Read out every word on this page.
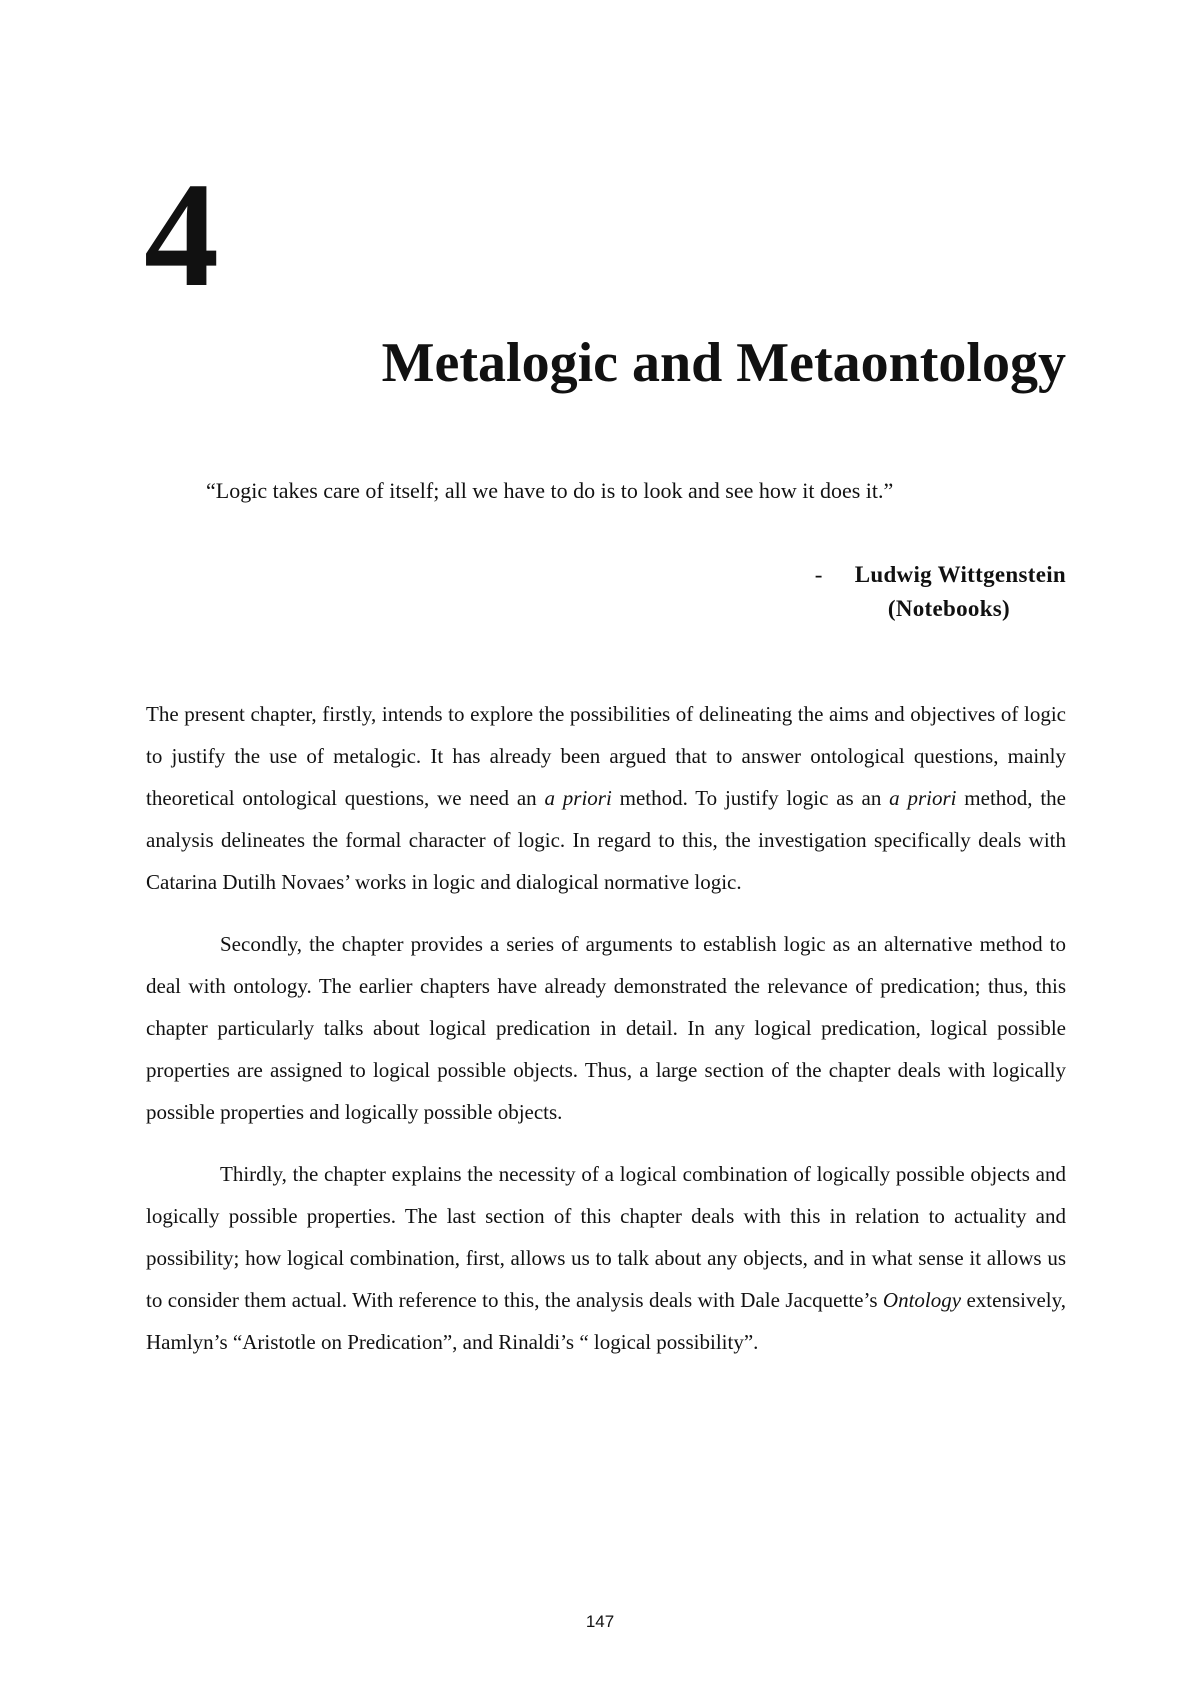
4
Metalogic and Metaontology

“Logic takes care of itself; all we have to do is to look and see how it does it.”

- Ludwig Wittgenstein
(Notebooks)

The present chapter, firstly, intends to explore the possibilities of delineating the aims and objectives of logic to justify the use of metalogic. It has already been argued that to answer ontological questions, mainly theoretical ontological questions, we need an a priori method. To justify logic as an a priori method, the analysis delineates the formal character of logic. In regard to this, the investigation specifically deals with Catarina Dutilh Novaes’ works in logic and dialogical normative logic.

Secondly, the chapter provides a series of arguments to establish logic as an alternative method to deal with ontology. The earlier chapters have already demonstrated the relevance of predication; thus, this chapter particularly talks about logical predication in detail. In any logical predication, logical possible properties are assigned to logical possible objects. Thus, a large section of the chapter deals with logically possible properties and logically possible objects.

Thirdly, the chapter explains the necessity of a logical combination of logically possible objects and logically possible properties. The last section of this chapter deals with this in relation to actuality and possibility; how logical combination, first, allows us to talk about any objects, and in what sense it allows us to consider them actual. With reference to this, the analysis deals with Dale Jacquette’s Ontology extensively, Hamlyn’s “Aristotle on Predication”, and Rinaldi’s “ logical possibility”.

147
